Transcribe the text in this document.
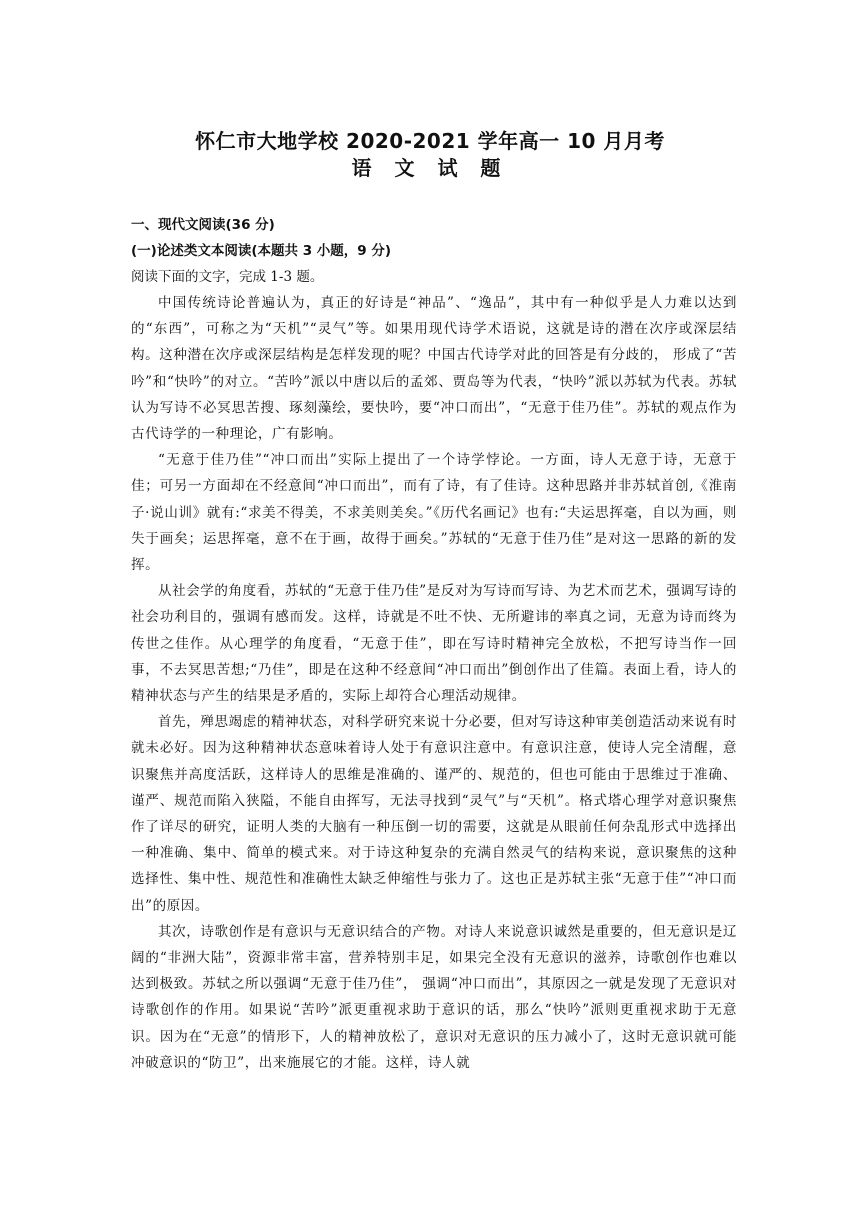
怀仁市大地学校 2020-2021 学年高一 10 月月考
语 文 试 题

一、现代文阅读(36 分)

(一)论述类文本阅读(本题共 3 小题，9 分)

阅读下面的文字，完成 1-3 题。

中国传统诗论普遍认为，真正的好诗是“神品”、“逸品”，其中有一种似乎是人力难以达到的“东西”，可称之为“天机”“灵气”等。如果用现代诗学术语说，这就是诗的潜在次序或深层结构。这种潜在次序或深层结构是怎样发现的呢？中国古代诗学对此的回答是有分歧的， 形成了“苦吟”和“快吟”的对立。“苦吟”派以中唐以后的孟郊、贾岛等为代表，“快吟”派以苏轼为代表。苏轼认为写诗不必冥思苦搜、琢刻藻绘，要快吟，要“冲口而出”，“无意于佳乃佳”。苏轼的观点作为古代诗学的一种理论，广有影响。

“无意于佳乃佳”“冲口而出”实际上提出了一个诗学悖论。一方面，诗人无意于诗，无意于佳；可另一方面却在不经意间“冲口而出”，而有了诗，有了佳诗。这种思路并非苏轼首创,《淮南子·说山训》就有:“求美不得美，不求美则美矣。”《历代名画记》也有:“夫运思挥毫，自以为画，则失于画矣；运思挥毫，意不在于画，故得于画矣。”苏轼的“无意于佳乃佳”是对这一思路的新的发挥。

从社会学的角度看，苏轼的“无意于佳乃佳”是反对为写诗而写诗、为艺术而艺术，强调写诗的社会功利目的，强调有感而发。这样，诗就是不吐不快、无所避讳的率真之词，无意为诗而终为传世之佳作。从心理学的角度看，“无意于佳”，即在写诗时精神完全放松，不把写诗当作一回事，不去冥思苦想;“乃佳”，即是在这种不经意间“冲口而出”倒创作出了佳篇。表面上看，诗人的精神状态与产生的结果是矛盾的，实际上却符合心理活动规律。

首先，殚思竭虑的精神状态，对科学研究来说十分必要，但对写诗这种审美创造活动来说有时就未必好。因为这种精神状态意味着诗人处于有意识注意中。有意识注意，使诗人完全清醒，意识聚焦并高度活跃，这样诗人的思维是准确的、谨严的、规范的，但也可能由于思维过于准确、谨严、规范而陷入狭隘，不能自由挥写，无法寻找到“灵气”与“天机”。格式塔心理学对意识聚焦作了详尽的研究，证明人类的大脑有一种压倒一切的需要，这就是从眼前任何杂乱形式中选择出一种准确、集中、简单的模式来。对于诗这种复杂的充满自然灵气的结构来说，意识聚焦的这种选择性、集中性、规范性和准确性太缺乏伸缩性与张力了。这也正是苏轼主张“无意于佳”“冲口而出”的原因。

其次，诗歌创作是有意识与无意识结合的产物。对诗人来说意识诚然是重要的，但无意识是辽阔的“非洲大陆”，资源非常丰富，营养特别丰足，如果完全没有无意识的滋养，诗歌创作也难以达到极致。苏轼之所以强调“无意于佳乃佳”， 强调“冲口而出”，其原因之一就是发现了无意识对诗歌创作的作用。如果说“苦吟”派更重视求助于意识的话，那么“快吟”派则更重视求助于无意识。因为在“无意”的情形下，人的精神放松了，意识对无意识的压力减小了，这时无意识就可能冲破意识的“防卫”，出来施展它的才能。这样，诗人就
